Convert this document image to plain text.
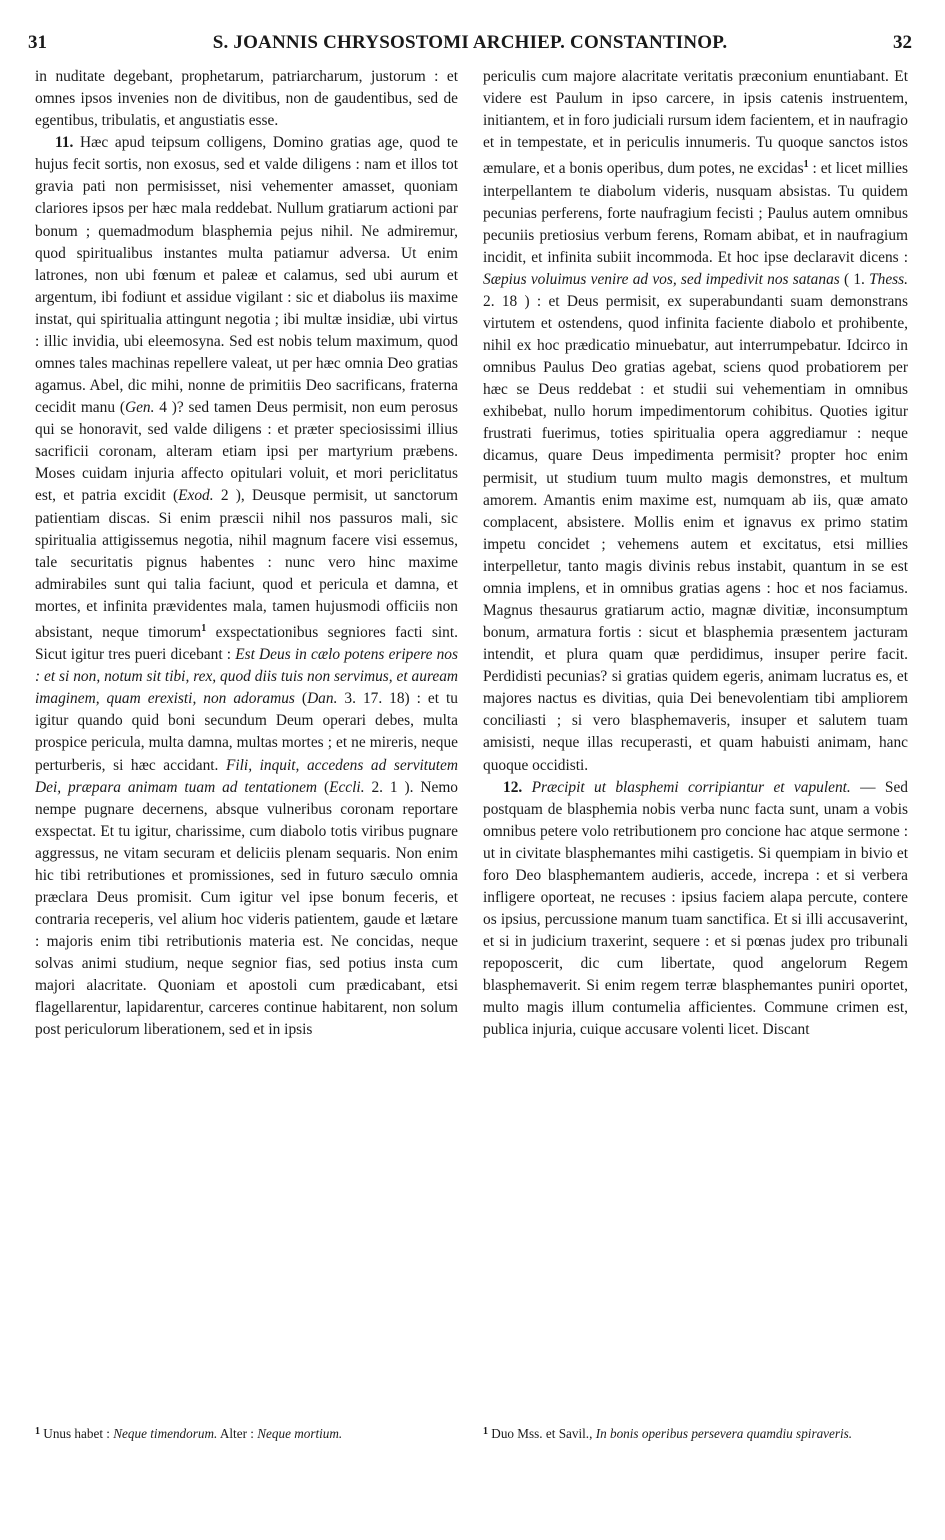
31	S. JOANNIS CHRYSOSTOMI ARCHIEP. CONSTANTINOP.	32

in nuditate degebant, prophetarum, patriarcharum, justorum : et omnes ipsos invenies non de divitibus, non de gaudentibus, sed de egentibus, tribulatis, et angustiatis esse.

11. Hæc apud teipsum colligens, Domino gratias age, quod te hujus fecit sortis, non exosus, sed et valde diligens : nam et illos tot gravia pati non permisisset, nisi vehementer amasset, quoniam clariores ipsos per hæc mala reddebat. Nullum gratiarum actioni par bonum ; quemadmodum blasphemia pejus nihil. Ne admiremur, quod spiritualibus instantes multa patiamur adversa. Ut enim latrones, non ubi fœnum et paleæ et calamus, sed ubi aurum et argentum, ibi fodiunt et assidue vigilant : sic et diabolus iis maxime instat, qui spiritualia attingunt negotia ; ibi multæ insidiæ, ubi virtus : illic invidia, ubi eleemosyna. Sed est nobis telum maximum, quod omnes tales machinas repellere valeat, ut per hæc omnia Deo gratias agamus. Abel, dic mihi, nonne de primitiis Deo sacrificans, fraterna cecidit manu (Gen. 4 )? sed tamen Deus permisit, non eum perosus qui se honoravit, sed valde diligens : et præter speciosissimi illius sacrificii coronam, alteram etiam ipsi per martyrium præbens. Moses cuidam injuria affecto opitulari voluit, et mori periclitatus est, et patria excidit (Exod. 2 ), Deusque permisit, ut sanctorum patientiam discas. Si enim præscii nihil nos passuros mali, sic spiritualia attigissemus negotia, nihil magnum facere visi essemus, tale securitatis pignus habentes : nunc vero hinc maxime admirabiles sunt qui talia faciunt, quod et pericula et damna, et mortes, et infinita prævidentes mala, tamen hujusmodi officiis non absistant, neque timorum$^1$ exspectationibus segniores facti sint. Sicut igitur tres pueri dicebant : Est Deus in cælo potens eripere nos : et si non, notum sit tibi, rex, quod diis tuis non servimus, et auream imaginem, quam erexisti, non adoramus (Dan. 3. 17. 18) : et tu igitur quando quid boni secundum Deum operari debes, multa prospice pericula, multa damna, multas mortes ; et ne mireris, neque perturberis, si hæc accidant. Fili, inquit, accedens ad servitutem Dei, præpara animam tuam ad tentationem (Eccli. 2. 1 ). Nemo nempe pugnare decernens, absque vulneribus coronam reportare exspectat. Et tu igitur, charissime, cum diabolo totis viribus pugnare aggressus, ne vitam securam et deliciis plenam sequaris. Non enim hic tibi retributiones et promissiones, sed in futuro sæculo omnia præclara Deus promisit. Cum igitur vel ipse bonum feceris, et contraria receperis, vel alium hoc videris patientem, gaude et lætare : majoris enim tibi retributionis materia est. Ne concidas, neque solvas animi studium, neque segnior fias, sed potius insta cum majori alacritate. Quoniam et apostoli cum prædicabant, etsi flagellarentur, lapidarentur, carceres continue habitarent, non solum post periculorum liberationem, sed et in ipsis

periculis cum majore alacritate veritatis præconium enuntiabant. Et videre est Paulum in ipso carcere, in ipsis catenis instruentem, initiantem, et in foro judiciali rursum idem facientem, et in naufragio et in tempestate, et in periculis innumeris. Tu quoque sanctos istos æmulare, et a bonis operibus, dum potes, ne excidas$^1$ : et licet millies interpellantem te diabolum videris, nusquam absistas. Tu quidem pecunias perferens, forte naufragium fecisti ; Paulus autem omnibus pecuniis pretiosius verbum ferens, Romam abibat, et in naufragium incidit, et infinita subiit incommoda. Et hoc ipse declaravit dicens : Sæpius voluimus venire ad vos, sed impedivit nos satanas ( 1. Thess. 2. 18 ) : et Deus permisit, ex superabundanti suam demonstrans virtutem et ostendens, quod infinita faciente diabolo et prohibente, nihil ex hoc prædicatio minuebatur, aut interrumpebatur. Idcirco in omnibus Paulus Deo gratias agebat, sciens quod probatiorem per hæc se Deus reddebat : et studii sui vehementiam in omnibus exhibebat, nullo horum impedimentorum cohibitus. Quoties igitur frustrati fuerimus, toties spiritualia opera aggrediamur : neque dicamus, quare Deus impedimenta permisit? propter hoc enim permisit, ut studium tuum multo magis demonstres, et multum amorem. Amantis enim maxime est, numquam ab iis, quæ amato complacent, absistere. Mollis enim et ignavus ex primo statim impetu concidet ; vehemens autem et excitatus, etsi millies interpelletur, tanto magis divinis rebus instabit, quantum in se est omnia implens, et in omnibus gratias agens : hoc et nos faciamus. Magnus thesaurus gratiarum actio, magnæ divitiæ, inconsumptum bonum, armatura fortis : sicut et blasphemia præsentem jacturam intendit, et plura quam quæ perdidimus, insuper perire facit. Perdidisti pecunias? si gratias quidem egeris, animam lucratus es, et majores nactus es divitias, quia Dei benevolentiam tibi ampliorem conciliasti ; si vero blasphemaveris, insuper et salutem tuam amisisti, neque illas recuperasti, et quam habuisti animam, hanc quoque occidisti.

12. Præcipit ut blasphemi corripiantur et vapulent. — Sed postquam de blasphemia nobis verba nunc facta sunt, unam a vobis omnibus petere volo retributionem pro concione hac atque sermone : ut in civitate blasphemantes mihi castigetis. Si quempiam in bivio et foro Deo blasphemantem audieris, accede, increpa : et si verbera infligere oporteat, ne recuses : ipsius faciem alapa percute, contere os ipsius, percussione manum tuam sanctifica. Et si illi accusaverint, et si in judicium traxerint, sequere : et si pœnas judex pro tribunali repoposcerit, dic cum libertate, quod angelorum Regem blasphemaverit. Si enim regem terræ blasphemantes puniri oportet, multo magis illum contumelia afficientes. Commune crimen est, publica injuria, cuique accusare volenti licet. Discant

$^1$ Unus habet : Neque timendorum. Alter : Neque mortium.	$^1$ Duo Mss. et Savil., In bonis operibus persevera quamdiu spiraveris.
